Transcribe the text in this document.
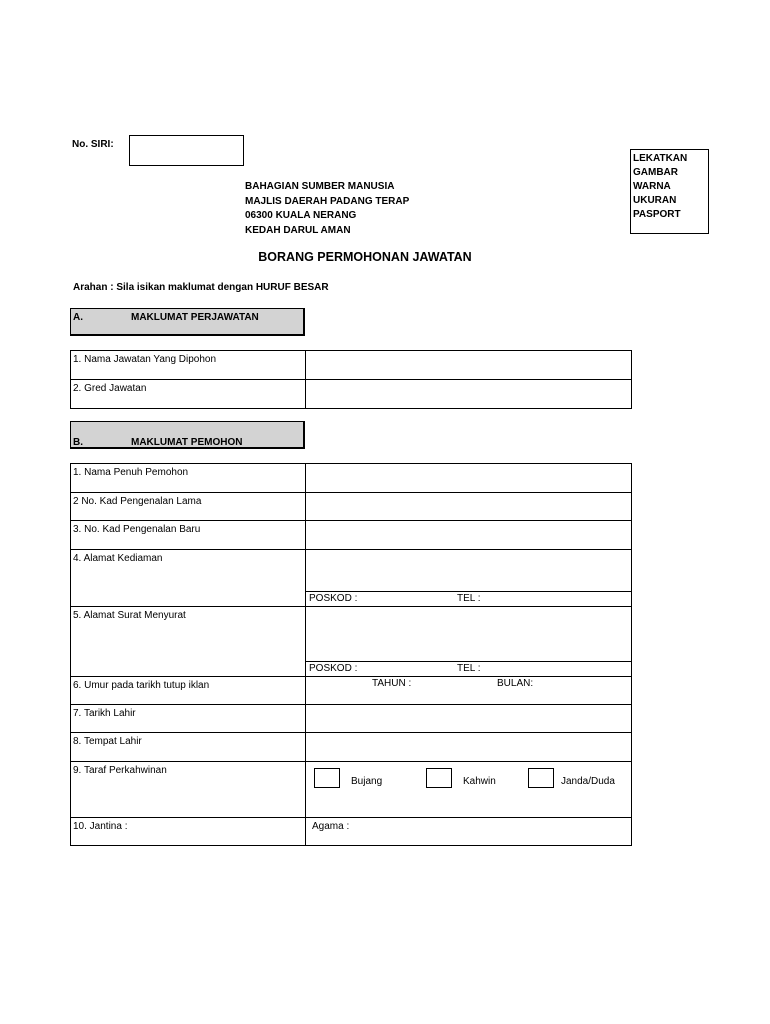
No. SIRI:
LEKATKAN
GAMBAR
WARNA
UKURAN
PASPORT
BAHAGIAN SUMBER MANUSIA
MAJLIS DAERAH PADANG TERAP
06300 KUALA NERANG
KEDAH DARUL AMAN
BORANG PERMOHONAN JAWATAN
Arahan : Sila isikan maklumat dengan HURUF BESAR
A.	MAKLUMAT PERJAWATAN
1. Nama Jawatan Yang Dipohon
2. Gred Jawatan
B.	MAKLUMAT PEMOHON
1. Nama Penuh Pemohon
2 No. Kad Pengenalan Lama
3. No. Kad Pengenalan Baru
4. Alamat Kediaman
POSKOD :	TEL :
5. Alamat Surat Menyurat
POSKOD :	TEL :
6. Umur pada tarikh tutup iklan	TAHUN :	BULAN:
7. Tarikh Lahir
8. Tempat Lahir
9. Taraf Perkahwinan
Bujang	Kahwin	Janda/Duda
10. Jantina :	Agama :
